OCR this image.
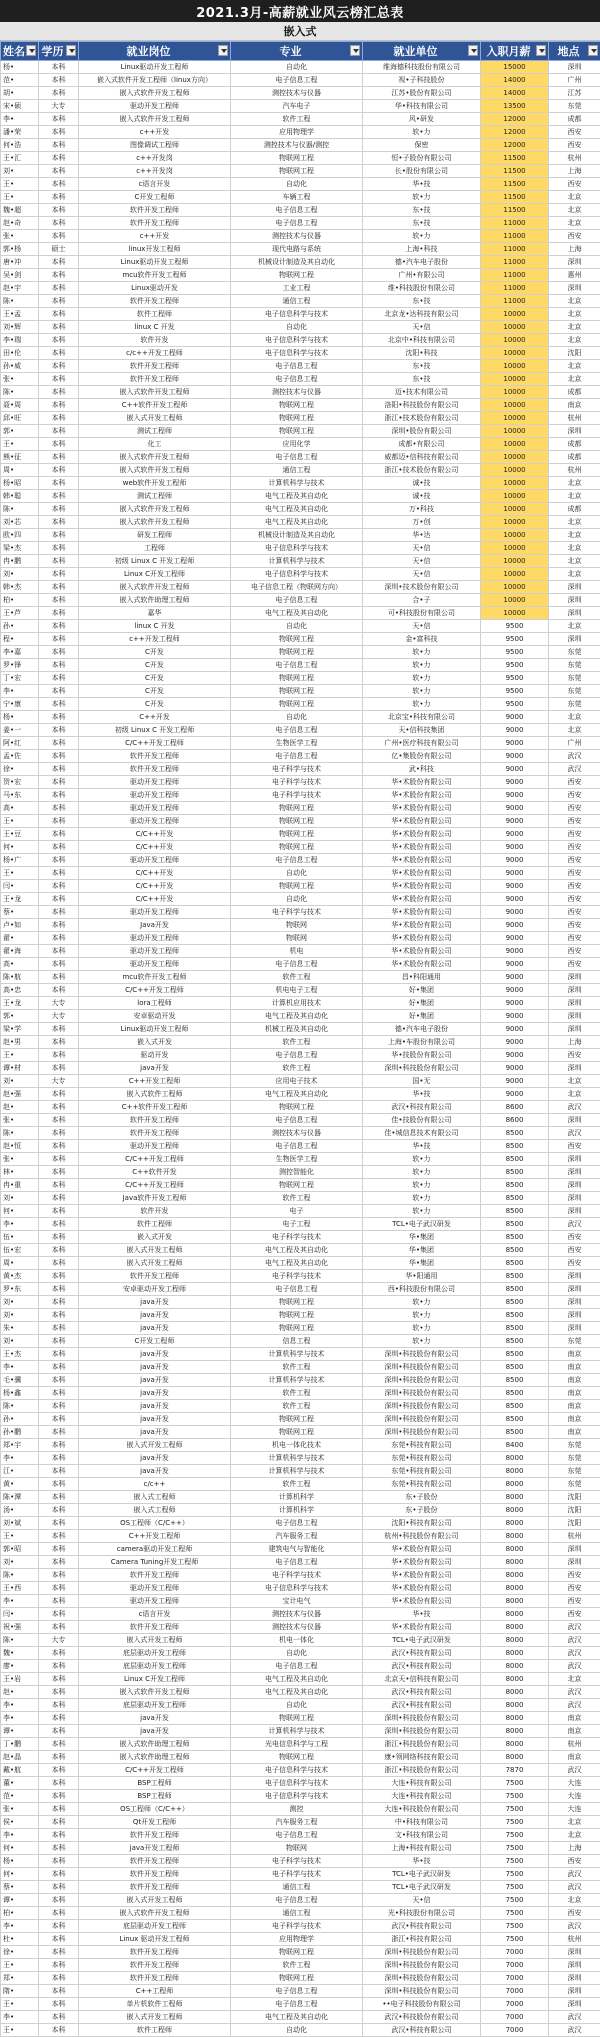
2021.3月-高薪就业风云榜汇总表
嵌入式
姓名	学历	就业岗位	专业	就业单位	入职月薪	地点

杨•	本科	Linux驱动开发工程师	自动化	维海德科技股份有限公司	15000	深圳
范•	本科	嵌入式软件开发工程师（linux方向）	电子信息工程	视•子科技股份	14000	广州
胡•	本科	嵌入式软件开发工程师	测控技术与仪器	江苏•股份有限公司	14000	江苏
宋•硕	大专	驱动开发工程师	汽车电子	华•科技有限公司	13500	东莞
李•	本科	嵌入式软件开发工程师	软件工程	风•研发	12000	成都
潘•荣	本科	c++开发	应用物理学	软•力	12000	西安
何•浩	本科	图像调试工程师	测控技术与仪器/测控	保密	12000	西安
王•汇	本科	c++开发岗	物联网工程	恒•子股份有限公司	11500	杭州
刘•	本科	c++开发岗	物联网工程	长•股份有限公司	11500	上海
王•	本科	c语言开发	自动化	华•技	11500	西安
王•	本科	C开发工程师	车辆工程	软•力	11500	北京
魏•超	本科	软件开发工程师	电子信息工程	东•技	11500	北京
赵•奇	本科	软件开发工程师	电子信息工程	东•技	11000	北京
张•	本科	c++开发	测控技术与仪器	软•力	11000	西安
郭•杨	硕士	linux开发工程师	现代电路与系统	上海•科技	11000	上海
唐•冲	本科	Linux驱动开发工程师	机械设计制造及其自动化	德•汽车电子股份	11000	深圳
吴•剑	本科	mcu软件开发工程师	物联网工程	广州•有限公司	11000	惠州
赵•宇	本科	Linux驱动开发	工业工程	维•科技股份有限公司	11000	深圳
陈•	本科	软件开发工程师	通信工程	东•技	11000	北京
王•孟	本科	软件工程师	电子信息科学与技术	北京龙•达科技有限公司	10000	北京
刘•辉	本科	linux C 开发	自动化	天•信	10000	北京
李•瑞	本科	软件开发	电子信息科学与技术	北京中•科技有限公司	10000	北京
田•伦	本科	c/c++开发工程师	电子信息科学与技术	沈阳•科技	10000	沈阳
孙•威	本科	软件开发工程师	电子信息工程	东•技	10000	北京
张•	本科	软件开发工程师	电子信息工程	东•技	10000	北京
陈•	本科	嵌入式软件开发工程师	测控技术与仪器	迈•技术有限公司	10000	成都
聂•周	本科	C++软件开发工程师	物联网工程	洛阳•科技股份有限公司	10000	南京
邱•旺	本科	嵌入式开发工程师	物联网工程	浙江•技术股份有限公司	10000	杭州
郭•	本科	测试工程师	物联网工程	深圳•股份有限公司	10000	深圳
王•	本科	化工	应用化学	成都•有限公司	10000	成都
熊•征	本科	嵌入式软件开发工程师	电子信息工程	威都迈•信科技有限公司	10000	成都
周•	本科	嵌入式软件开发工程师	通信工程	浙江•技术股份有限公司	10000	杭州
杨•昭	本科	web软件开发工程师	计算机科学与技术	诚•技	10000	北京
韩•聪	本科	测试工程师	电气工程及其自动化	诚•技	10000	北京
陈•	本科	嵌入式软件开发工程师	电气工程及其自动化	万•科技	10000	成都
刘•芯	本科	嵌入式软件开发工程师	电气工程及其自动化	万•创	10000	北京
欧•四	本科	研发工程师	机械设计制造及其自动化	华•达	10000	北京
梁•杰	本科	工程师	电子信息科学与技术	天•信	10000	北京
冉•鹏	本科	初级 Linux C 开发工程师	计算机科学与技术	天•信	10000	北京
刘•	本科	Linux C开发工程师	电子信息科学与技术	天•信	10000	北京
韩•杰	本科	嵌入式软件开发工程师	电子信息工程（物联网方向）	深圳•技术股份有限公司	10000	深圳
柏•	本科	嵌入式软件助理工程师	电子信息工程	合•子	10000	深圳
王•芦	本科	嘉华	电气工程及其自动化	可•科技股份有限公司	10000	深圳
孙•	本科	linux C 开发	自动化	天•信	9500	北京
程•	本科	c++开发工程师	物联网工程	金•富科技	9500	深圳
李•嘉	本科	C开发	物联网工程	软•力	9500	东莞
罗•锋	本科	C开发	电子信息工程	软•力	9500	东莞
丁•宏	本科	C开发	物联网工程	软•力	9500	东莞
李•	本科	C开发	物联网工程	软•力	9500	东莞
宁•康	本科	C开发	物联网工程	软•力	9500	东莞
杨•	本科	C++开发	自动化	北京宝•科技有限公司	9000	北京
姜•一	本科	初级 Linux C 开发工程师	电子信息工程	天•信科技集团	9000	北京
阿•红	本科	C/C++开发工程师	生物医学工程	广州•医疗科技有限公司	9000	广州
孟•佐	本科	软件开发工程师	电子信息工程	亿•集股份有限公司	9000	武汉
徐•	本科	软件开发工程师	电子科学与技术	武•科技	9000	武汉
贺•宏	本科	驱动开发工程师	电子科学与技术	华•术股份有限公司	9000	西安
马•东	本科	驱动开发工程师	电子科学与技术	华•术股份有限公司	9000	西安
高•	本科	驱动开发工程师	物联网工程	华•术股份有限公司	9000	西安
王•	本科	驱动开发工程师	物联网工程	华•术股份有限公司	9000	西安
王•豆	本科	C/C++开发	物联网工程	华•术股份有限公司	9000	西安
何•	本科	C/C++开发	物联网工程	华•术股份有限公司	9000	西安
杨•广	本科	驱动开发工程师	电子信息工程	华•术股份有限公司	9000	西安
王•	本科	C/C++开发	自动化	华•术股份有限公司	9000	西安
闫•	本科	C/C++开发	物联网工程	华•术股份有限公司	9000	西安
王•龙	本科	C/C++开发	自动化	华•术股份有限公司	9000	西安
蔡•	本科	驱动开发工程师	电子科学与技术	华•术股份有限公司	9000	西安
卢•如	本科	Java开发	物联网	华•术股份有限公司	9000	西安
翟•	本科	驱动开发工程师	物联网	华•术股份有限公司	9000	西安
翟•海	本科	驱动开发工程师	机电	华•术股份有限公司	9000	西安
高•	本科	驱动开发工程师	电子信息工程	华•术股份有限公司	9000	西安
陈•航	本科	mcu软件开发工程师	软件工程	昌•科阳通用	9000	深圳
高•忠	本科	C/C++开发工程师	机电电子工程	好•集团	9000	深圳
王•龙	大专	lora工程师	计算机应用技术	好•集团	9000	深圳
郭•	大专	安卓驱动开发	电气工程及其自动化	好•集团	9000	深圳
梁•学	本科	Linux驱动开发工程师	机械工程及其自动化	德•汽车电子股份	9000	深圳
赵•男	本科	嵌入式开发	软件工程	上海•车股份有限公司	9000	上海
王•	本科	驱动开发	电子信息工程	华•技股份有限公司	9000	西安
谭•材	本科	java开发	软件工程	深圳•科技股份有限公司	9000	深圳
刘•	大专	C++开发工程师	应用电子技术	国•无	9000	北京
赵•强	本科	嵌入式软件工程师	电气工程及其自动化	华•技	9000	北京
赵•	本科	C++软件开发工程师	物联网工程	武汉•科技有限公司	8600	武汉
张•	本科	软件开发工程师	电子信息工程	佳•技股份有限公司	8600	深圳
陈•	本科	软件开发工程师	测控技术与仪器	佳•城信息技术有限公司	8500	武汉
赵•恒	本科	驱动开发工程师	电子信息工程	华•技	8500	西安
张•	本科	C/C++开发工程师	生物医学工程	软•力	8500	深圳
林•	本科	C++软件开发	测控智能化	软•力	8500	深圳
冉•重	本科	C/C++开发工程师	物联网工程	软•力	8500	深圳
刘•	本科	Java软件开发工程师	软件工程	软•力	8500	深圳
何•	本科	软件开发	电子	软•力	8500	深圳
李•	本科	软件工程师	电子工程	TCL•电子武汉研发	8500	武汉
伍•	本科	嵌入式开发	电子科学与技术	华•集团	8500	西安
伍•宏	本科	嵌入式开发工程师	电气工程及其自动化	华•集团	8500	西安
周•	本科	嵌入式开发工程师	电气工程及其自动化	华•集团	8500	西安
黄•杰	本科	软件开发工程师	电子科学与技术	华•阳通用	8500	深圳
罗•东	本科	安卓驱动开发工程师	电子信息工程	西•科技股份有限公司	8500	深圳
刘•	本科	java开发	物联网工程	软•力	8500	深圳
刘•	本科	java开发	物联网工程	软•力	8500	深圳
朱•	本科	java开发	物联网工程	软•力	8500	深圳
刘•	本科	C开发工程师	信息工程	软•力	8500	东莞
王•杰	本科	java开发	计算机科学与技术	深圳•科技股份有限公司	8500	南京
李•	本科	java开发	软件工程	深圳•科技股份有限公司	8500	南京
毛•骥	本科	java开发	计算机科学与技术	深圳•科技股份有限公司	8500	南京
杨•鑫	本科	java开发	软件工程	深圳•科技股份有限公司	8500	南京
陈•	本科	java开发	软件工程	深圳•科技股份有限公司	8500	南京
孙•	本科	java开发	物联网工程	深圳•科技股份有限公司	8500	南京
孙•鹏	本科	java开发	物联网工程	深圳•科技股份有限公司	8500	南京
郑•宇	本科	嵌入式开发工程师	机电一体化技术	东莞•科技有限公司	8400	东莞
李•	本科	java开发	计算机科学与技术	东莞•科技有限公司	8000	东莞
江•	本科	java开发	计算机科学与技术	东莞•科技有限公司	8000	东莞
黄•	本科	c/c++	软件工程	东莞•科技有限公司	8000	东莞
陈•潭	本科	嵌入式工程师	计算机科学	东•子股份	8000	沈阳
汤•	本科	嵌入式工程师	计算机科学	东•子股份	8000	沈阳
刘•斌	本科	OS工程师（C/C++）	电子信息工程	沈阳•科技有限公司	8000	沈阳
王•	本科	C++开发工程师	汽车服务工程	杭州•科技股份有限公司	8000	杭州
郭•昭	本科	camera驱动开发工程师	建筑电气与智能化	华•术股份有限公司	8000	深圳
刘•	本科	Camera Tuning开发工程师	电子信息工程	华•术股份有限公司	8000	深圳
陈•	本科	软件开发工程师	电子科学与技术	华•术股份有限公司	8000	西安
王•西	本科	驱动开发工程师	电子信息科学与技术	华•术股份有限公司	8000	西安
李•	本科	驱动开发工程师	宝计电气	华•术股份有限公司	8000	西安
闫•	本科	c语言开发	测控技术与仪器	华•技	8000	西安
祝•强	本科	软件开发工程师	测控技术与仪器	华•术股份有限公司	8000	武汉
陈•	大专	嵌入式开发工程师	机电一体化	TCL•电子武汉研发	8000	武汉
魏•	本科	底层驱动开发工程师	自动化	武汉•科技有限公司	8000	武汉
廖•	本科	底层驱动开发工程师	电子信息工程	武汉•科技有限公司	8000	武汉
王•岩	本科	Linux C开发工程师	电气工程及其自动化	北京天•信科技有限公司	8000	北京
赵•	本科	嵌入式软件开发工程师	电气工程及其自动化	武汉•科技有限公司	8000	武汉
李•	本科	底层驱动开发工程师	自动化	武汉•科技有限公司	8000	武汉
李•	本科	java开发	物联网工程	深圳•科技股份有限公司	8000	南京
谭•	本科	java开发	计算机科学与技术	深圳•科技股份有限公司	8000	南京
丁•鹏	本科	嵌入式软件助理工程师	光电信息科学与工程	浙江•科技股份有限公司	8000	杭州
赵•晶	本科	嵌入式软件助理工程师	物联网工程	康•领网络科技有限公司	8000	南京
戴•航	本科	C/C++开发工程师	电子信息科学与技术	浙江•科技股份有限公司	7870	武汉
董•	本科	BSP工程师	电子信息科学与技术	大连•科技有限公司	7500	大连
范•	本科	BSP工程师	电子信息科学与技术	大连•科技有限公司	7500	大连
张•	本科	OS工程师（C/C++）	测控	大连•科技股份有限公司	7500	大连
侯•	本科	Qt开发工程师	汽车服务工程	中•科技有限公司	7500	北京
李•	本科	软件开发工程师	电子信息工程	文•科技有限公司	7500	北京
何•	本科	java开发工程师	物联网	上海•科技有限公司	7500	上海
杨•	本科	软件开发工程师	电子科学与技术	华•技	7500	西安
何•	本科	软件开发工程师	电子科学与技术	TCL•电子武汉研发	7500	武汉
蔡•	本科	软件开发工程师	通信工程	TCL•电子武汉研发	7500	武汉
谭•	本科	嵌入式开发工程师	电子信息工程	天•信	7500	北京
柏•	本科	嵌入式软件开发工程师	通信工程	光•科技股份有限公司	7500	西安
李•	本科	底层驱动开发工程师	电子科学与技术	武汉•科技有限公司	7500	武汉
杜•	本科	Linux 驱动开发工程师	应用物理学	浙江•科技有限公司	7500	杭州
徐•	本科	软件开发工程师	物联网工程	深圳•科技股份有限公司	7000	深圳
王•	本科	软件开发工程师	软件工程	深圳•科技股份有限公司	7000	深圳
郑•	本科	软件开发工程师	物联网工程	深圳•科技股份有限公司	7000	深圳
隋•	本科	C++工程师	电子信息工程	深圳•科技股份有限公司	7000	深圳
王•	本科	单片机软件工程师	电子信息工程	••电子科技股份有限公司	7000	深圳
李•	本科	嵌入式开发工程师	电气工程及其自动化	武汉•科技股份有限公司	7000	武汉
王•	本科	软件工程师	自动化	武汉•科技有限公司	7000	武汉
